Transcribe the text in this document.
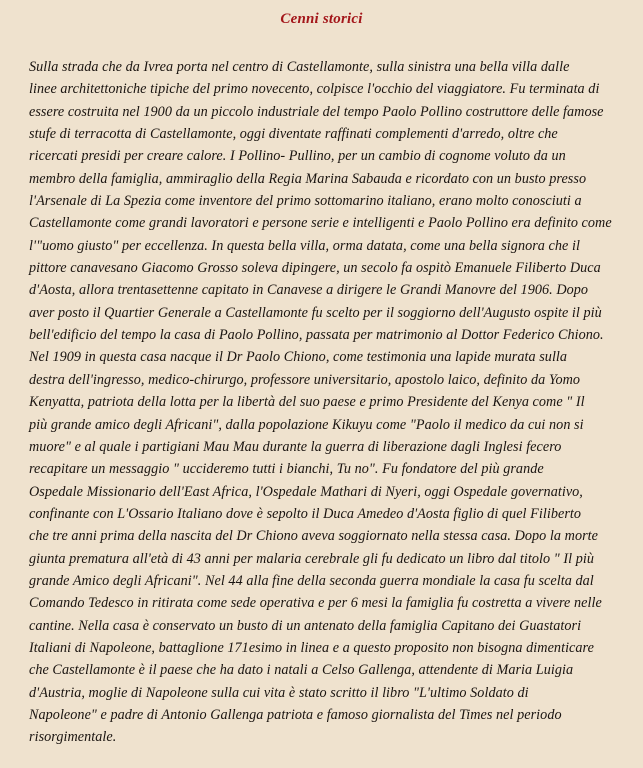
Cenni storici
Sulla strada che da Ivrea porta nel centro di Castellamonte, sulla sinistra una bella villa dalle
linee architettoniche tipiche del primo novecento, colpisce l'occhio del viaggiatore. Fu terminata di
essere costruita nel 1900 da un piccolo industriale del tempo Paolo Pollino costruttore delle famose
stufe di terracotta di Castellamonte, oggi diventate raffinati complementi d'arredo, oltre che
ricercati presidi per creare calore. I Pollino- Pullino, per un cambio di cognome voluto da un
membro della famiglia, ammiraglio della Regia Marina Sabauda e ricordato con un busto presso
l'Arsenale di La Spezia come inventore del primo sottomarino italiano, erano molto conosciuti a
Castellamonte come grandi lavoratori e persone serie e intelligenti e Paolo Pollino era definito come
l'"uomo giusto" per eccellenza. In questa bella villa, orma datata, come una bella signora che il
pittore canavesano Giacomo Grosso soleva dipingere, un secolo fa ospitò Emanuele Filiberto Duca
d'Aosta, allora trentasettenne capitato in Canavese a dirigere le Grandi Manovre del 1906. Dopo
aver posto il Quartier Generale a Castellamonte fu scelto per il soggiorno dell'Augusto ospite il più
bell'edificio del tempo la casa di Paolo Pollino, passata per matrimonio al Dottor Federico Chiono.
Nel 1909 in questa casa nacque il Dr Paolo Chiono, come testimonia una lapide murata sulla
destra dell'ingresso, medico-chirurgo, professore universitario, apostolo laico, definito da Yomo
Kenyatta, patriota della lotta per la libertà del suo paese e primo Presidente del Kenya come " Il
più grande amico degli Africani", dalla popolazione Kikuyu come "Paolo il medico da cui non si
muore" e al quale i partigiani Mau Mau durante la guerra di liberazione dagli Inglesi fecero
recapitare un messaggio " uccideremo tutti i bianchi, Tu no". Fu fondatore del più grande
Ospedale Missionario dell'East Africa, l'Ospedale Mathari di Nyeri, oggi Ospedale governativo,
confinante con L'Ossario Italiano dove è sepolto il Duca Amedeo d'Aosta figlio di quel Filiberto
che tre anni prima della nascita del Dr Chiono aveva soggiornato nella stessa casa. Dopo la morte
giunta prematura all'età di 43 anni per malaria cerebrale gli fu dedicato un libro dal titolo " Il più
grande Amico degli Africani". Nel 44 alla fine della seconda guerra mondiale la casa fu scelta dal
Comando Tedesco in ritirata come sede operativa e per 6 mesi la famiglia fu costretta a vivere nelle
cantine. Nella casa è conservato un busto di un antenato della famiglia Capitano dei Guastatori
Italiani di Napoleone, battaglione 171esimo in linea e a questo proposito non bisogna dimenticare
che Castellamonte è il paese che ha dato i natali a Celso Gallenga, attendente di Maria Luigia
d'Austria, moglie di Napoleone sulla cui vita è stato scritto il libro "L'ultimo Soldato di
Napoleone" e padre di Antonio Gallenga patriota e famoso giornalista del Times nel periodo
risorgimentale.
